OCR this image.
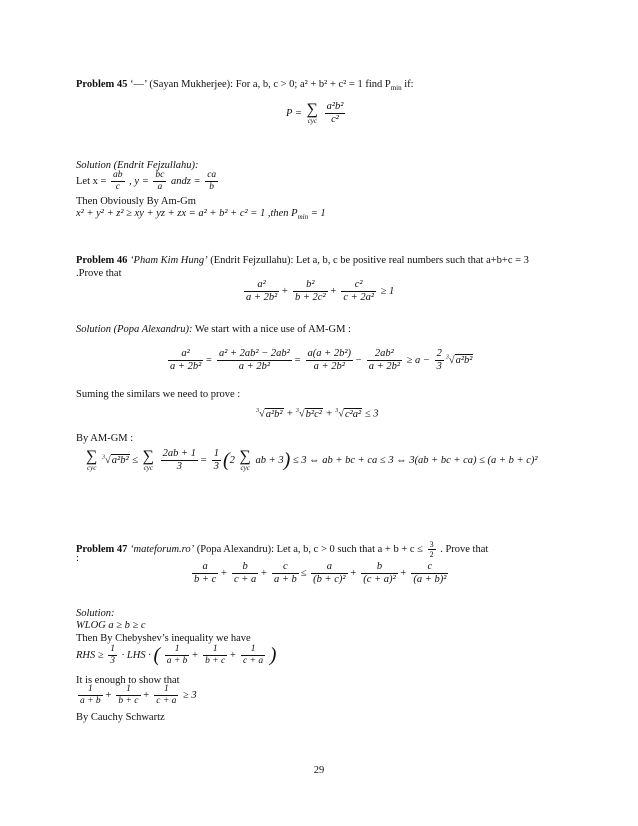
Problem 45 ‘—’ (Sayan Mukherjee): For a, b, c > 0; a² + b² + c² = 1 find $P_{min}$ if:
P = ∑
cyc
$\frac{\text{a²b²}}{\text{c²}}$
Solution (Endrit Fejzullahu):
Let $x = \frac{ab}{c}$ , $y = \frac{bc}{a}$ andz = $\frac{ca}{b}$
Then Obviously By Am-Gm
x² + y² + z² ≥ xy + yz + zx = a² + b² + c² = 1 ,then $P_{min} = 1$
Problem 46 ‘Pham Kim Hung’ (Endrit Fejzullahu): Let a, b, c be positive real numbers such that a+b+c = 3
.Prove that
$\frac{\text{a²}}{\text{a + 2b²}} + \frac{\text{b²}}{\text{b + 2c²}} + \frac{\text{c²}}{\text{c + 2a²}} \ge 1$
Solution (Popa Alexandru): We start with a nice use of AM-GM :
$\frac{\text{a²}}{\text{a + 2b²}} = \frac{\text{a² + 2ab² − 2ab²}}{\text{a + 2b²}} = \frac{\text{a(a + 2b²)}}{\text{a + 2b²}} - \frac{\text{2ab²}}{\text{a + 2b²}} \ge a - \frac{2}{3} ^3√a^2b^2$
Suming the similars we need to prove :
$^3$√a²b² + $^3$√b²c² + $^3$√c²a² ≤ 3
By AM-GM :
∑
cyc
$^3$√a²b² ≤ ∑
cyc
$\frac{2ab + 1}{3} = \frac{1}{3} (2$ ∑
cyc
ab + 3) ≤ 3 ⇔ ab + bc + ca ≤ 3 ⇔ 3(ab + bc + ca) ≤ (a + b + c)²
Problem 47 ‘mateforum.ro’ (Popa Alexandru): Let a, b, c > 0 such that $a + b + c \le \frac{3}{2}$ . Prove that
:
$\frac{a}{b + c} + \frac{b}{c + a} + \frac{c}{a + b} \le \frac{a}{\text{(b + c)²}} + \frac{b}{\text{(c + a)²}} + \frac{c}{\text{(a + b)²}}$
Solution:
WLOG a ≥ b ≥ c
Then By Chebyshev’s inequality we have
RHS ≥ $\frac{1}{3}$ · LHS · ( $\frac{1}{a + b} + \frac{1}{b + c} + \frac{1}{c + a}$ )
It is enough to show that
$\frac{1}{a + b} + \frac{1}{b + c} + \frac{1}{c + a} \ge 3$
By Cauchy Schwartz
29
